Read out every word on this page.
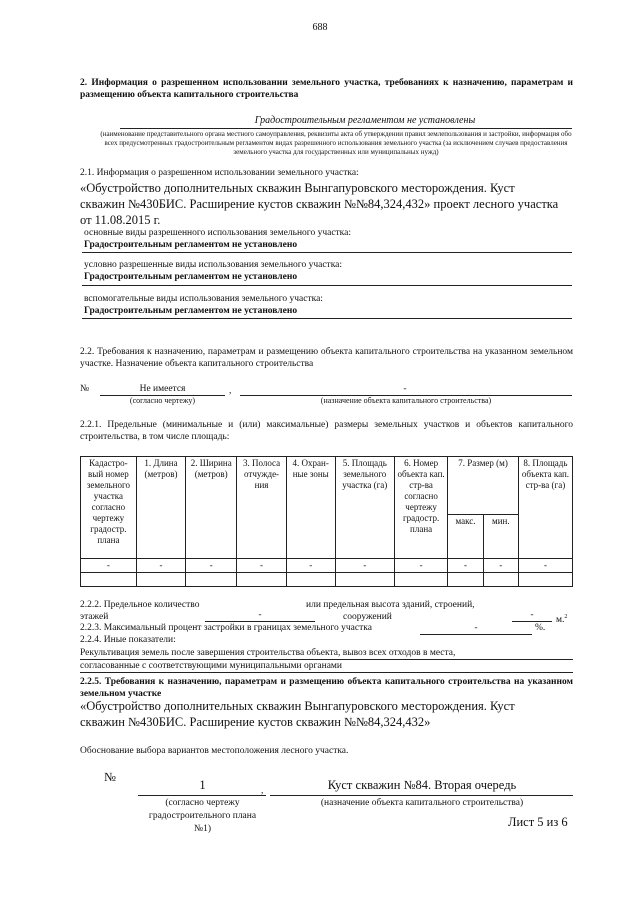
688
2. Информация о разрешенном использовании земельного участка, требованиях к назначению, параметрам и размещению объекта капитального строительства
Градостроительным регламентом не установлены
(наименование представительного органа местного самоуправления, реквизиты акта об утверждении правил землепользования и застройки, информация обо всех предусмотренных градостроительным регламентом видах разрешенного использования земельного участка (за исключением случаев предоставления земельного участка для государственных или муниципальных нужд)
2.1. Информация о разрешенном использовании земельного участка:
«Обустройство дополнительных скважин Вынгапуровского месторождения. Куст скважин №430БИС. Расширение кустов скважин №№84,324,432» проект лесного участка от 11.08.2015 г.
основные виды разрешенного использования земельного участка:
Градостроительным регламентом не установлено
условно разрешенные виды использования земельного участка:
Градостроительным регламентом не установлено
вспомогательные виды использования земельного участка:
Градостроительным регламентом не установлено
2.2. Требования к назначению, параметрам и размещению объекта капитального строительства на указанном земельном участке. Назначение объекта капитального строительства
№	Не имеется	,	-
(согласно чертежу)	(назначение объекта капитального строительства)
2.2.1. Предельные (минимальные и (или) максимальные) размеры земельных участков и объектов капитального строительства, в том числе площадь:
Кадастро-вый номер земельного участка согласно чертежу градостр. плана	1. Длина (метров)	2. Ширина (метров)	3. Полоса отчужде-ния	4. Охран-ные зоны	5. Площадь земельного участка (га)	6. Номер объекта кап. стр-ва согласно чертежу градостр. плана	7. Размер (м)		8. Площадь объекта кап. стр-ва (га)
							макс.	мин.	
-	-	-	-	-	-	-	-	-	-

2.2.2. Предельное количество	или предельная высота зданий, строений,
этажей	-	сооружений	-
м.$^2$
2.2.3. Максимальный процент застройки в границах земельного участка	-	%.
2.2.4. Иные показатели:
Рекультивация земель после завершения строительства объекта, вывоз всех отходов в места,
согласованные с соответствующими муниципальными органами
2.2.5. Требования к назначению, параметрам и размещению объекта капитального строительства на указанном земельном участке
«Обустройство дополнительных скважин Вынгапуровского месторождения. Куст скважин №430БИС. Расширение кустов скважин №№84,324,432»
Обоснование выбора вариантов местоположения лесного участка.
№
1	,	Куст скважин №84. Вторая очередь
(согласно чертежу градостроительного плана №1)
(назначение объекта капитального строительства)
Лист 5 из 6
